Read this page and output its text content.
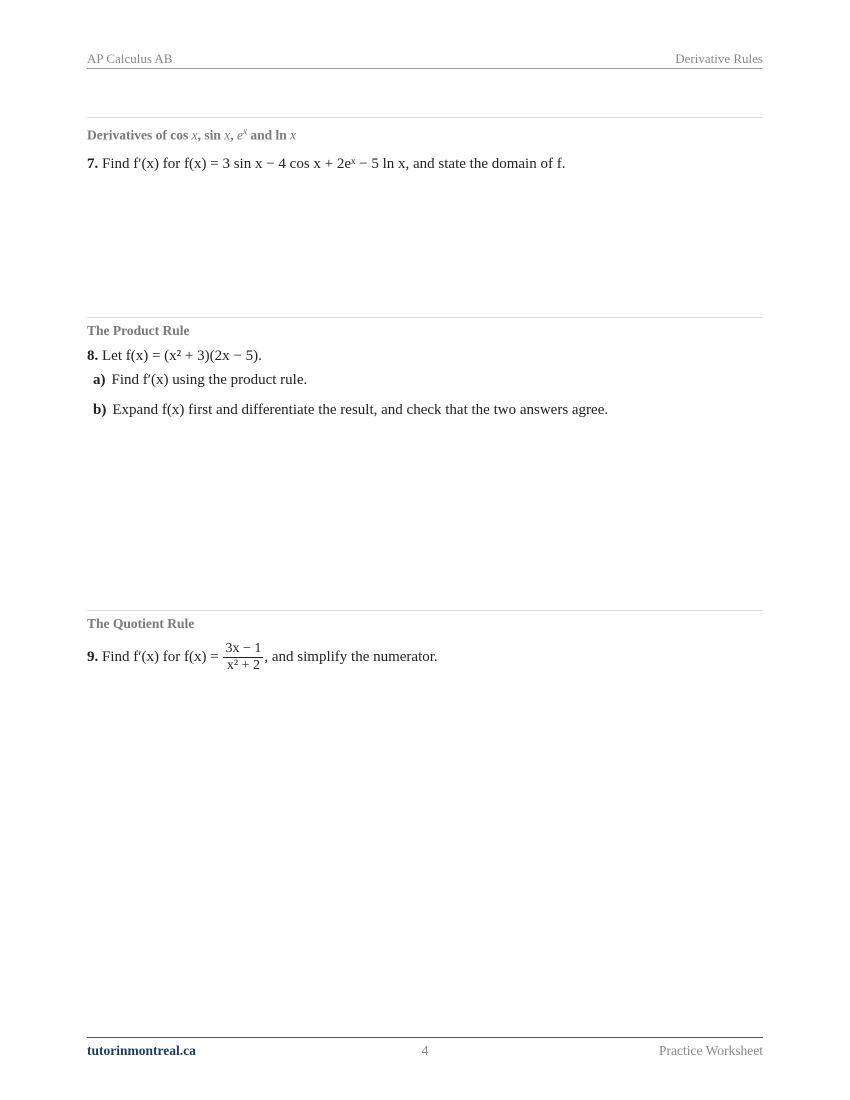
AP Calculus AB	Derivative Rules
Derivatives of cos x, sin x, $e^x$ and ln x
7. Find f′(x) for f(x) = 3 sin x − 4 cos x + 2eˣ − 5 ln x, and state the domain of f.
The Product Rule
8. Let f(x) = (x² + 3)(2x − 5).
a) Find f′(x) using the product rule.
b) Expand f(x) first and differentiate the result, and check that the two answers agree.
The Quotient Rule
9. Find f′(x) for $f(x) = \frac{3x - 1}{\text{x² + 2}}$ , and simplify the numerator.
tutorinmontreal.ca	4	Practice Worksheet
